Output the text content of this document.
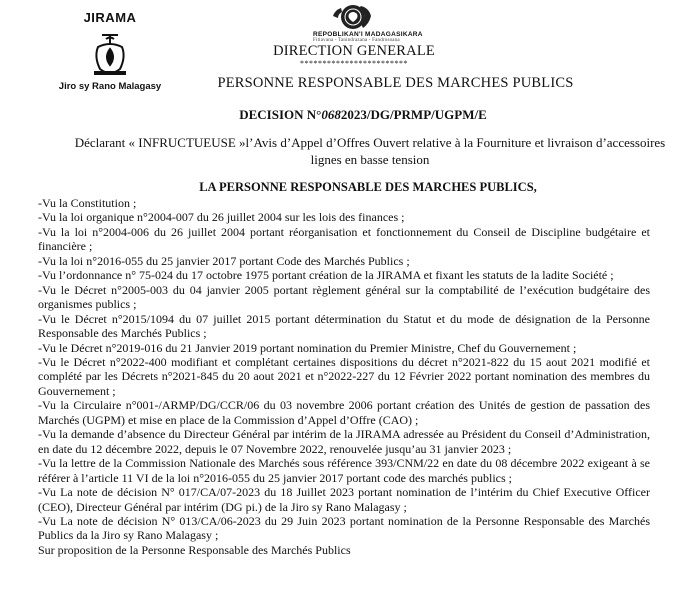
JIRAMA
Jiro sy Rano Malagasy
REPOBLIKAN'I MADAGASIKARA
Fitiavana - Tanindrazana - Fandrosoana
DIRECTION GENERALE
************************
PERSONNE RESPONSABLE DES MARCHES PUBLICS
DECISION N°0682023/DG/PRMP/UGPM/E
Déclarant « INFRUCTUEUSE »l’Avis d’Appel d’Offres Ouvert relative à la Fourniture et livraison d’accessoires lignes en basse tension
LA PERSONNE RESPONSABLE DES MARCHES PUBLICS,

-Vu la Constitution ;

-Vu la loi organique n°2004-007 du 26 juillet 2004 sur les lois des finances ;

-Vu la loi n°2004-006 du 26 juillet 2004 portant réorganisation et fonctionnement du Conseil de Discipline budgétaire et financière ;

-Vu la loi n°2016-055 du 25 janvier 2017 portant Code des Marchés Publics ;

-Vu l’ordonnance n° 75-024 du 17 octobre 1975 portant création de la JIRAMA et fixant les statuts de la ladite Société ;

-Vu le Décret n°2005-003 du 04 janvier 2005 portant règlement général sur la comptabilité de l’exécution budgétaire des organismes publics ;

-Vu le Décret n°2015/1094 du 07 juillet 2015 portant détermination du Statut et du mode de désignation de la Personne Responsable des Marchés Publics ;

-Vu le Décret n°2019-016 du 21 Janvier 2019 portant nomination du Premier Ministre, Chef du Gouvernement ;

-Vu le Décret n°2022-400 modifiant et complétant certaines dispositions du décret n°2021-822 du 15 aout 2021 modifié et complété par les Décrets n°2021-845 du 20 aout 2021 et n°2022-227 du 12 Février 2022 portant nomination des membres du Gouvernement ;

-Vu la Circulaire n°001-/ARMP/DG/CCR/06 du 03 novembre 2006 portant création des Unités de gestion de passation des Marchés (UGPM) et mise en place de la Commission d’Appel d’Offre (CAO) ;

-Vu la demande d’absence du Directeur Général par intérim de la JIRAMA adressée au Président du Conseil d’Administration, en date du 12 décembre 2022, depuis le 07 Novembre 2022, renouvelée jusqu’au 31 janvier 2023 ;

-Vu la lettre de la Commission Nationale des Marchés sous référence 393/CNM/22 en date du 08 décembre 2022 exigeant à se référer à l’article 11 VI de la loi n°2016-055 du 25 janvier 2017 portant code des marchés publics ;

-Vu La note de décision N° 017/CA/07-2023 du 18 Juillet 2023 portant nomination de l’intérim du Chief Executive Officer (CEO), Directeur Général par intérim (DG pi.) de la Jiro sy Rano Malagasy ;

-Vu La note de décision N° 013/CA/06-2023 du 29 Juin 2023 portant nomination de la Personne Responsable des Marchés Publics da la Jiro sy Rano Malagasy ;

Sur proposition de la Personne Responsable des Marchés Publics
